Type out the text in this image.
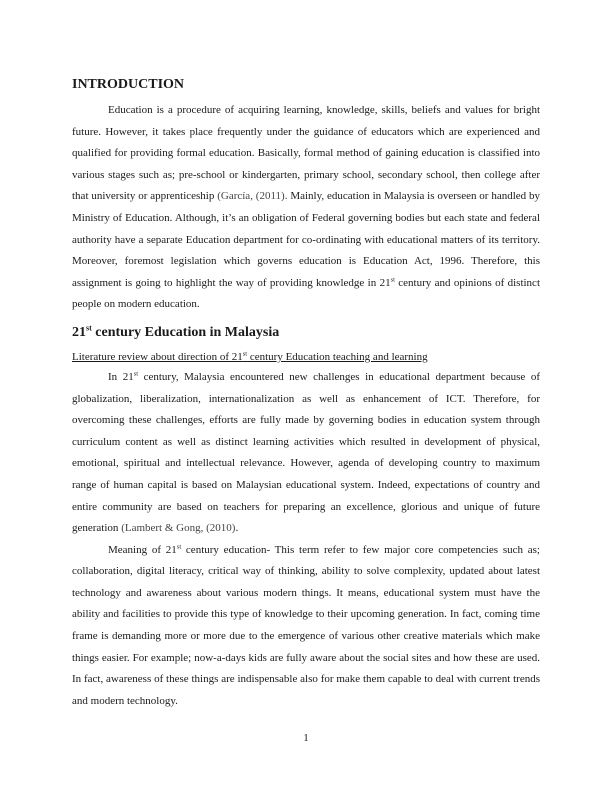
INTRODUCTION

Education is a procedure of acquiring learning, knowledge, skills, beliefs and values for bright future. However, it takes place frequently under the guidance of educators which are experienced and qualified for providing formal education. Basically, formal method of gaining education is classified into various stages such as; pre-school or kindergarten, primary school, secondary school, then college after that university or apprenticeship (García, (2011). Mainly, education in Malaysia is overseen or handled by Ministry of Education. Although, it’s an obligation of Federal governing bodies but each state and federal authority have a separate Education department for co-ordinating with educational matters of its territory. Moreover, foremost legislation which governs education is Education Act, 1996. Therefore, this assignment is going to highlight the way of providing knowledge in 21st century and opinions of distinct people on modern education.

21st century Education in Malaysia
Literature review about direction of 21st century Education teaching and learning

In 21st century, Malaysia encountered new challenges in educational department because of globalization, liberalization, internationalization as well as enhancement of ICT. Therefore, for overcoming these challenges, efforts are fully made by governing bodies in education system through curriculum content as well as distinct learning activities which resulted in development of physical, emotional, spiritual and intellectual relevance. However, agenda of developing country to maximum range of human capital is based on Malaysian educational system. Indeed, expectations of country and entire community are based on teachers for preparing an excellence, glorious and unique of future generation (Lambert & Gong, (2010).

Meaning of 21st century education- This term refer to few major core competencies such as; collaboration, digital literacy, critical way of thinking, ability to solve complexity, updated about latest technology and awareness about various modern things. It means, educational system must have the ability and facilities to provide this type of knowledge to their upcoming generation. In fact, coming time frame is demanding more or more due to the emergence of various other creative materials which make things easier. For example; now-a-days kids are fully aware about the social sites and how these are used. In fact, awareness of these things are indispensable also for make them capable to deal with current trends and modern technology.

1
